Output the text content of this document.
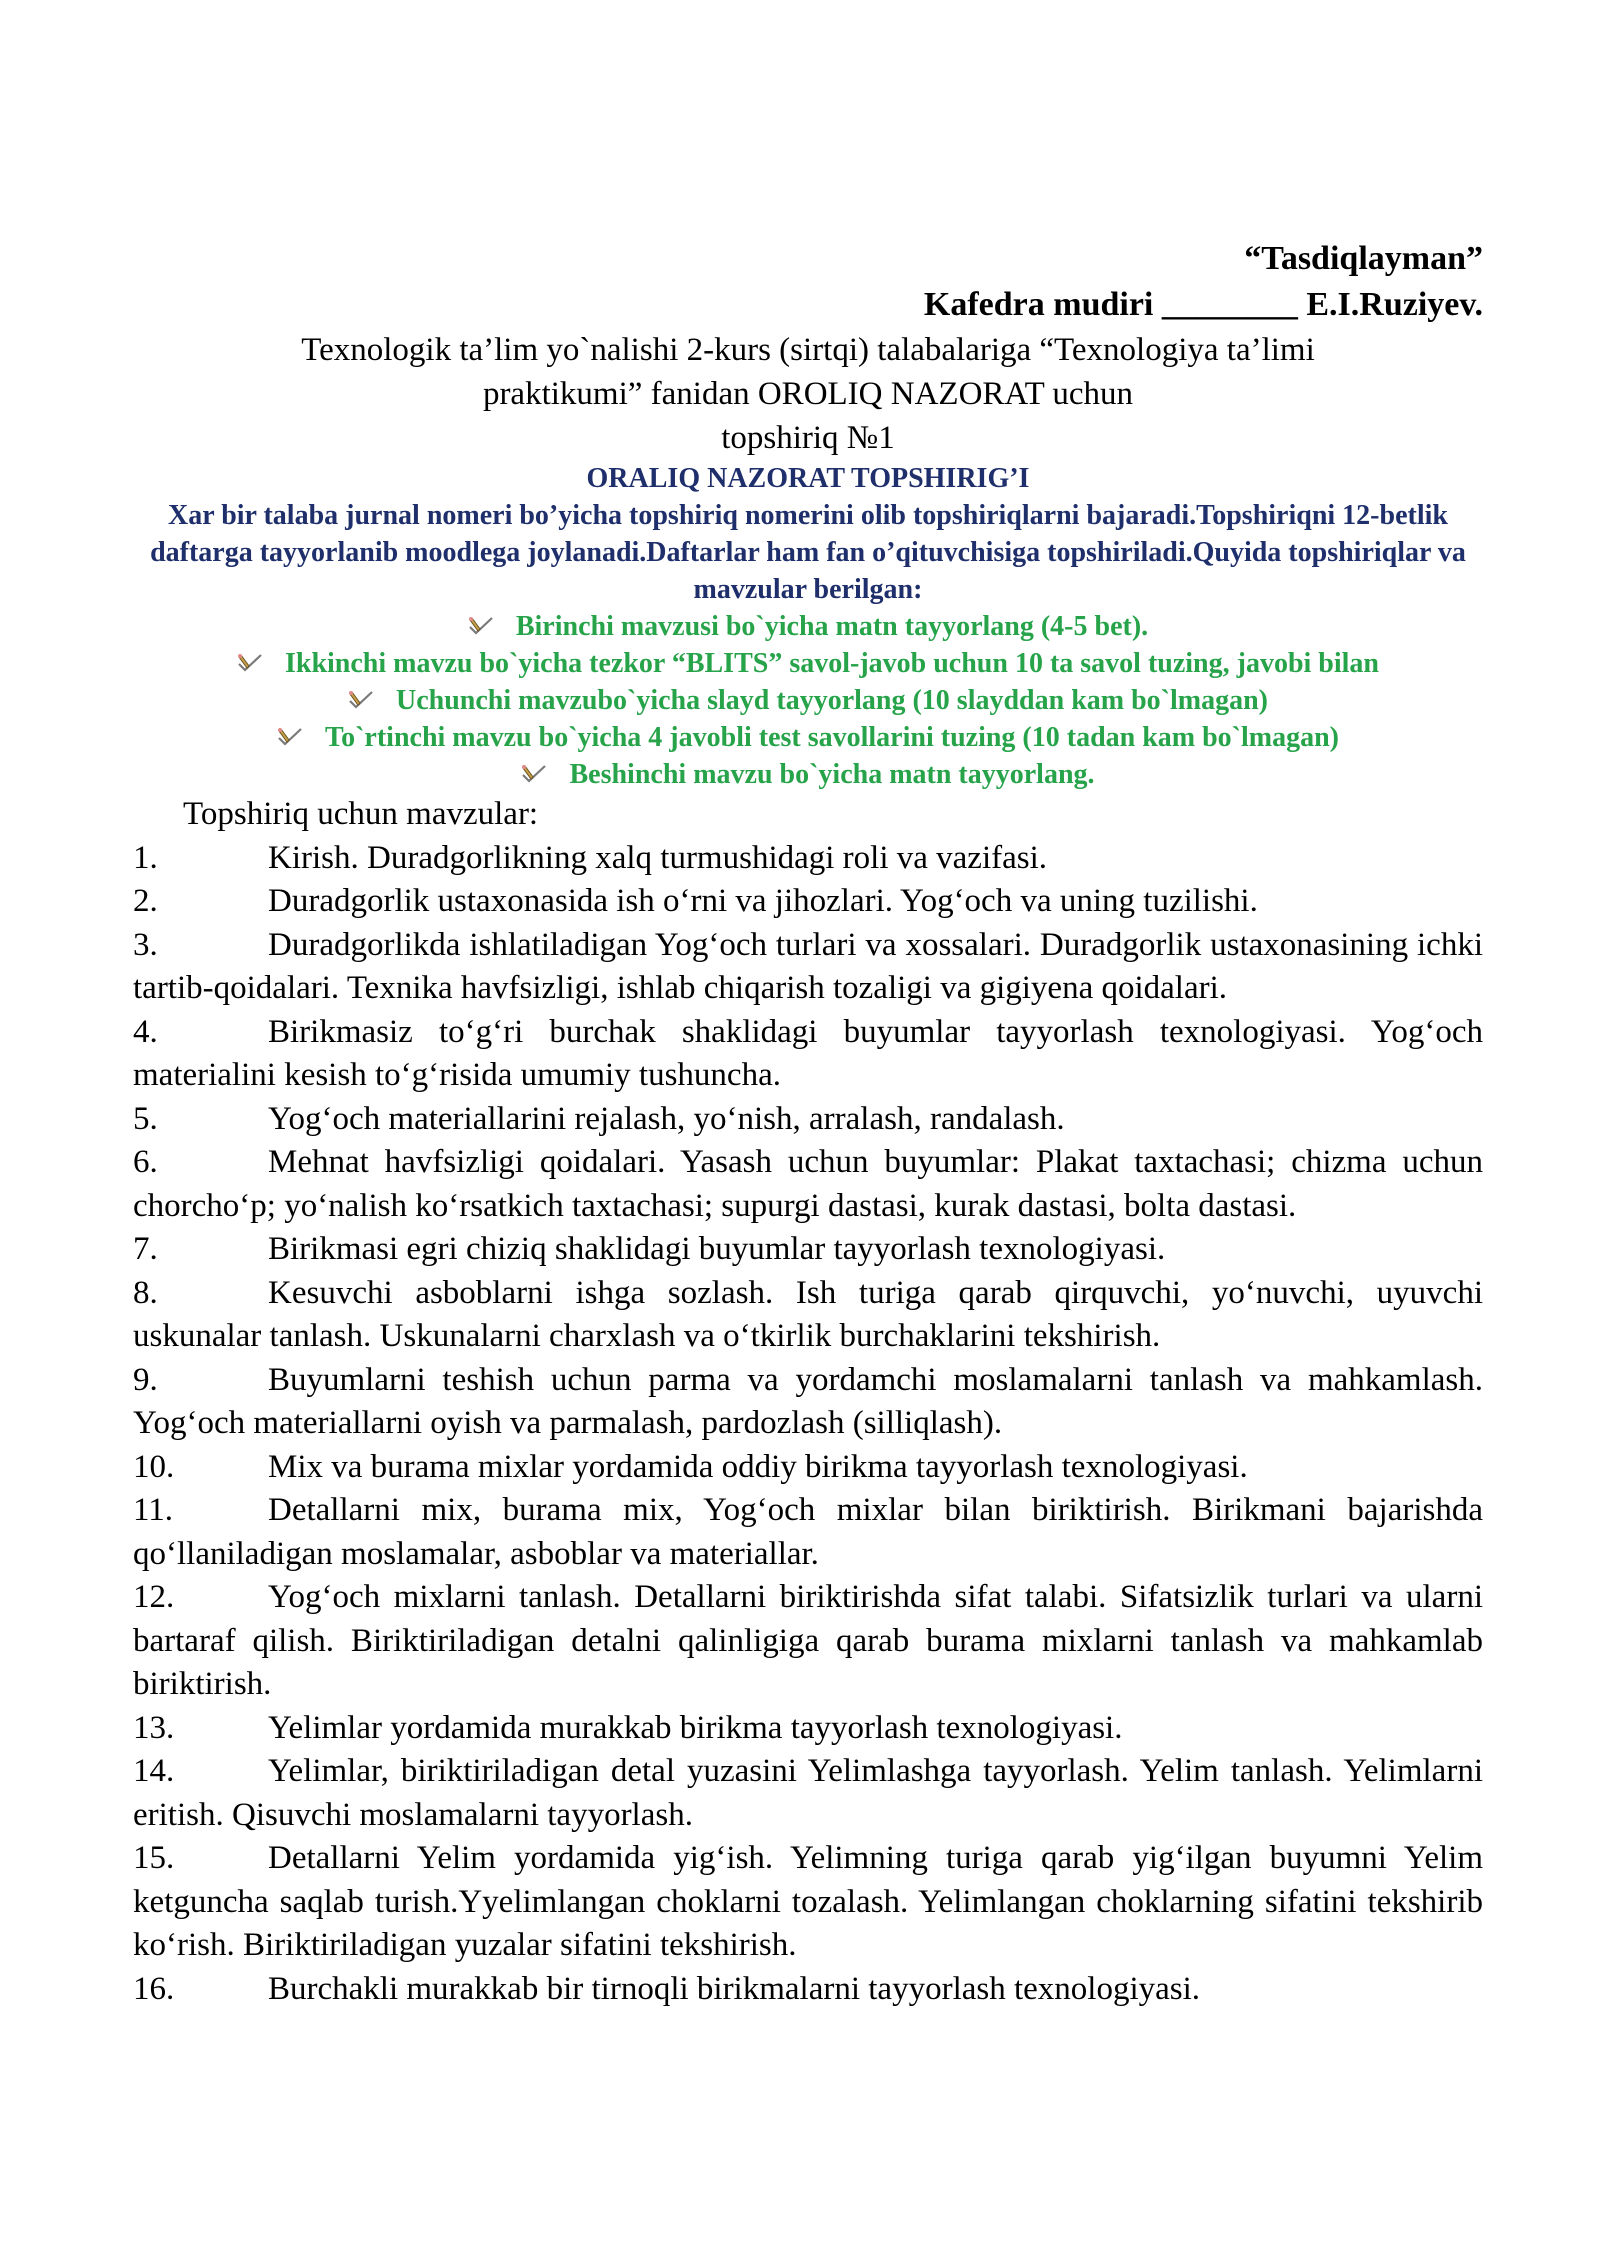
“Tasdiqlayman”
Kafedra mudiri ________ E.I.Ruziyev.
Texnologik ta’lim yo`nalishi 2-kurs (sirtqi) talabalariga “Texnologiya ta’limi
praktikumi” fanidan OROLIQ NAZORAT uchun
topshiriq №1
ORALIQ NAZORAT TOPSHIRIG’I
Xar bir talaba jurnal nomeri bo’yicha topshiriq nomerini olib topshiriqlarni bajaradi.Topshiriqni 12-betlik daftarga tayyorlanib moodlega joylanadi.Daftarlar ham fan o’qituvchisiga topshiriladi.Quyida topshiriqlar va mavzular berilgan:
Birinchi mavzusi bo`yicha matn tayyorlang (4-5 bet).
Ikkinchi mavzu bo`yicha tezkor “BLITS” savol-javob uchun 10 ta savol tuzing, javobi bilan
Uchunchi mavzubo`yicha slayd tayyorlang (10 slayddan kam bo`lmagan)
To`rtinchi mavzu bo`yicha 4 javobli test savollarini tuzing (10 tadan kam bo`lmagan)
Beshinchi mavzu bo`yicha matn tayyorlang.
Topshiriq uchun mavzular:
1.	Kirish. Duradgorlikning xalq turmushidagi roli va vazifasi.
2.	Duradgorlik ustaxonasida ish o‘rni va jihozlari. Yog‘och va uning tuzilishi.
3.	Duradgorlikda ishlatiladigan Yog‘och turlari va xossalari. Duradgorlik ustaxonasining ichki tartib-qoidalari. Texnika havfsizligi, ishlab chiqarish tozaligi va gigiyena qoidalari.
4.	Birikmasiz to‘g‘ri burchak shaklidagi buyumlar tayyorlash texnologiyasi. Yog‘och materialini kesish to‘g‘risida umumiy tushuncha.
5.	Yog‘och materiallarini rejalash, yo‘nish, arralash, randalash.
6.	Mehnat havfsizligi qoidalari. Yasash uchun buyumlar: Plakat taxtachasi; chizma uchun chorcho‘p; yo‘nalish ko‘rsatkich taxtachasi; supurgi dastasi, kurak dastasi, bolta dastasi.
7.	Birikmasi egri chiziq shaklidagi buyumlar tayyorlash texnologiyasi.
8.	Kesuvchi asboblarni ishga sozlash. Ish turiga qarab qirquvchi, yo‘nuvchi, uyuvchi uskunalar tanlash. Uskunalarni charxlash va o‘tkirlik burchaklarini tekshirish.
9.	Buyumlarni teshish uchun parma va yordamchi moslamalarni tanlash va mahkamlash. Yog‘och materiallarni oyish va parmalash, pardozlash (silliqlash).
10.	Mix va burama mixlar yordamida oddiy birikma tayyorlash texnologiyasi.
11.	Detallarni mix, burama mix, Yog‘och mixlar bilan biriktirish. Birikmani bajarishda qo‘llaniladigan moslamalar, asboblar va materiallar.
12.	Yog‘och mixlarni tanlash. Detallarni biriktirishda sifat talabi. Sifatsizlik turlari va ularni bartaraf qilish. Biriktiriladigan detalni qalinligiga qarab burama mixlarni tanlash va mahkamlab biriktirish.
13.	Yelimlar yordamida murakkab birikma tayyorlash texnologiyasi.
14.	Yelimlar, biriktiriladigan detal yuzasini Yelimlashga tayyorlash. Yelim tanlash. Yelimlarni eritish. Qisuvchi moslamalarni tayyorlash.
15.	Detallarni Yelim yordamida yig‘ish. Yelimning turiga qarab yig‘ilgan buyumni Yelim ketguncha saqlab turish.Yyelimlangan choklarni tozalash. Yelimlangan choklarning sifatini tekshirib ko‘rish. Biriktiriladigan yuzalar sifatini tekshirish.
16.	Burchakli murakkab bir tirnoqli birikmalarni tayyorlash texnologiyasi.
